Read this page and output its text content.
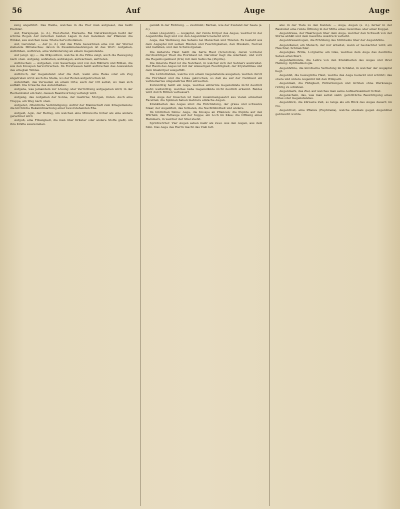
56	Auf	Auge	Auge

sung angeführt. Das Weiße, welches in die Eier man aufgieset, das heißt Eierklar.

Auf, Eierspiegel, (s. d.), Eier-Zierat, Eierseite. Bei Naturkundigen heißt der schöne Bogen Auf zwischen beiden Lagen in den Gelenken der Pflanzen die Winkel, aus welchen neue Triebe hervorkommen.

Auf, Gerundet. — Auf (s. d.) und das Ende bezeichnen eine von der Wurzel stehende Mittelachse; davon in Zusammensetzungen ist das Wort: Aufgehen, Aufblühen, Aufhören, eine Veränderung an einem Gegenstande.

Auf (engl. up) — die Präposition, welche in die Höhe zeigt, auch die Bewegung nach oben. Aufgang, aufstehen, aufsteigen, aufwachsen, auftreten.

Aufbrechen; — Aufgehen, vom Sauerteige und von den Blättern und Blüten, die aus den Knospen hervorbrechen. Im Forstwesen heißt aufbrechen das Ausweiden des erlegten Wildes.

Aufbruch, der Gegenstand oder die Zeit, wenn eine Reise oder ein Zug angetreten wird; auch die Stelle, wo der Boden aufgebrochen ist.

Aufenthalt, das Verweilen an einem Orte; auch der Ort selbst, wo man sich aufhält. Die Ursache des Aufenthaltes.

Aufgabe, was jemandem zur Lösung oder Verrichtung aufgegeben wird; in der Rechenkunst ein Satz, dessen Beantwortung verlangt wird.

Aufgang, das Aufgehen der Sonne, der Gestirne; Morgen, Osten. Auch eine Treppe, ein Weg nach oben.

Aufgebot, öffentliche Verkündigung; Aufruf der Mannschaft zum Kriegsdienste; die kirchliche Bekanntmachung einer bevorstehenden Ehe.

Aufgeld, Agio, der Betrag, um welchen eine Münzsorte höher als eine andere gerechnet wird.

Aufguß, eine Flüssigkeit, die man über Kräuter oder andere Stoffe gießt, um ihre Kräfte auszuziehen.

gemäß in der Richtung. — zustimmt; Barben, wie der Zustand der Seele (s. d.).

Anlen (Augenlid), — Augapfel, der runde Körper des Auges, welcher in der Augenhöhle liegt und von den Augenlidern bedeckt wird.

Auge, das Werkzeug des Sehens bei Menschen und Thieren. Es besteht aus dem Augapfel mit seinen Häuten und Feuchtigkeiten, den Muskeln, Nerven und Gefäßen, und den Schutzorganen.

Die äußerste Haut heißt die harte Haut (Sclerotica), deren vorderer durchsichtiger Theil die Hornhaut ist. Darunter liegt die Aderhaut, und vorn die Regenbogenhaut (Iris) mit dem Sehloche (Pupille).

Die innerste Haut ist die Netzhaut, in welcher sich der Sehnerv ausbreitet. Der Raum des Auges ist mit der wässerigen Feuchtigkeit, der Krystalllinse und dem Glaskörper ausgefüllt.

Die Lichtstrahlen, welche von einem Gegenstande ausgehen, werden durch die Hornhaut und die Linse gebrochen, so daß sie auf der Netzhaut ein verkleinertes umgekehrtes Bild entwerfen.

Kurzsichtig heißt ein Auge, welches entfernte Gegenstände nicht deutlich sieht; weitsichtig, welches nahe Gegenstände nicht deutlich erkennt. Beides wird durch Brillen verbessert.

Das Auge der Insecten ist meist zusammengesetzt aus vielen einzelnen Facetten; die Spinnen haben mehrere einfache Augen.

Krankheiten des Auges sind: die Entzündung, der graue und schwarze Staar, der Augenfluß, das Schielen, die Nachtblindheit und andere.

Im bildlichen Sinne: Auge, die Knospe an Pflanzen; die Punkte auf den Würfeln; das Fettauge auf der Suppe; ein Loch im Käse; die Öffnung eines Hammers, in welcher der Stiel steckt.

Sprichwörter: Vier Augen sehen mehr als zwei. Aus den Augen, aus dem Sinn. Das Auge des Herrn macht das Vieh fett.

also in der Tiefe zu den Kanten; — Auge, Augen (s. d.), ferner in der Baukunst eine runde Öffnung in der Mitte eines Gewölbes oder einer Kuppel.

Augenbraue, der Haarbogen über dem Auge, welcher den Schweiß von der Stirne abhält und dem Gesichte Ausdruck verleiht.

Augenbrauenbogen, die Erhöhung des Stirnbeins über der Augenhöhle.

Augendiener, ein Mensch, der nur arbeitet, wenn er beobachtet wird; ein Heuchler, Schmeichler.

Augenglas, Brille, Lorgnette; ein Glas, welches dem Auge das deutliche Sehen erleichtert.

Augenheilkunde, die Lehre von den Krankheiten des Auges und ihrer Heilung; Ophthalmologie.

Augenhöhle, die knöcherne Vertiefung im Schädel, in welcher der Augapfel liegt.

Augenlid, die bewegliche Haut, welche das Auge bedeckt und schützt; das obere und untere Augenlid mit den Wimpern.

Augenmaß, die Fähigkeit, Entfernungen und Größen ohne Werkzeuge richtig zu schätzen.

Augenmerk, das Ziel, auf welches man seine Aufmerksamkeit richtet.

Augenschein, das, was man selbst sieht; gerichtliche Besichtigung eines Ortes oder Gegenstandes.

Augenblick, die kürzeste Zeit, so lange als ein Blick des Auges dauert; im Nu.

Augentrost, eine Pflanze (Euphrasia), welche ehemals gegen Augenübel gebraucht wurde.
